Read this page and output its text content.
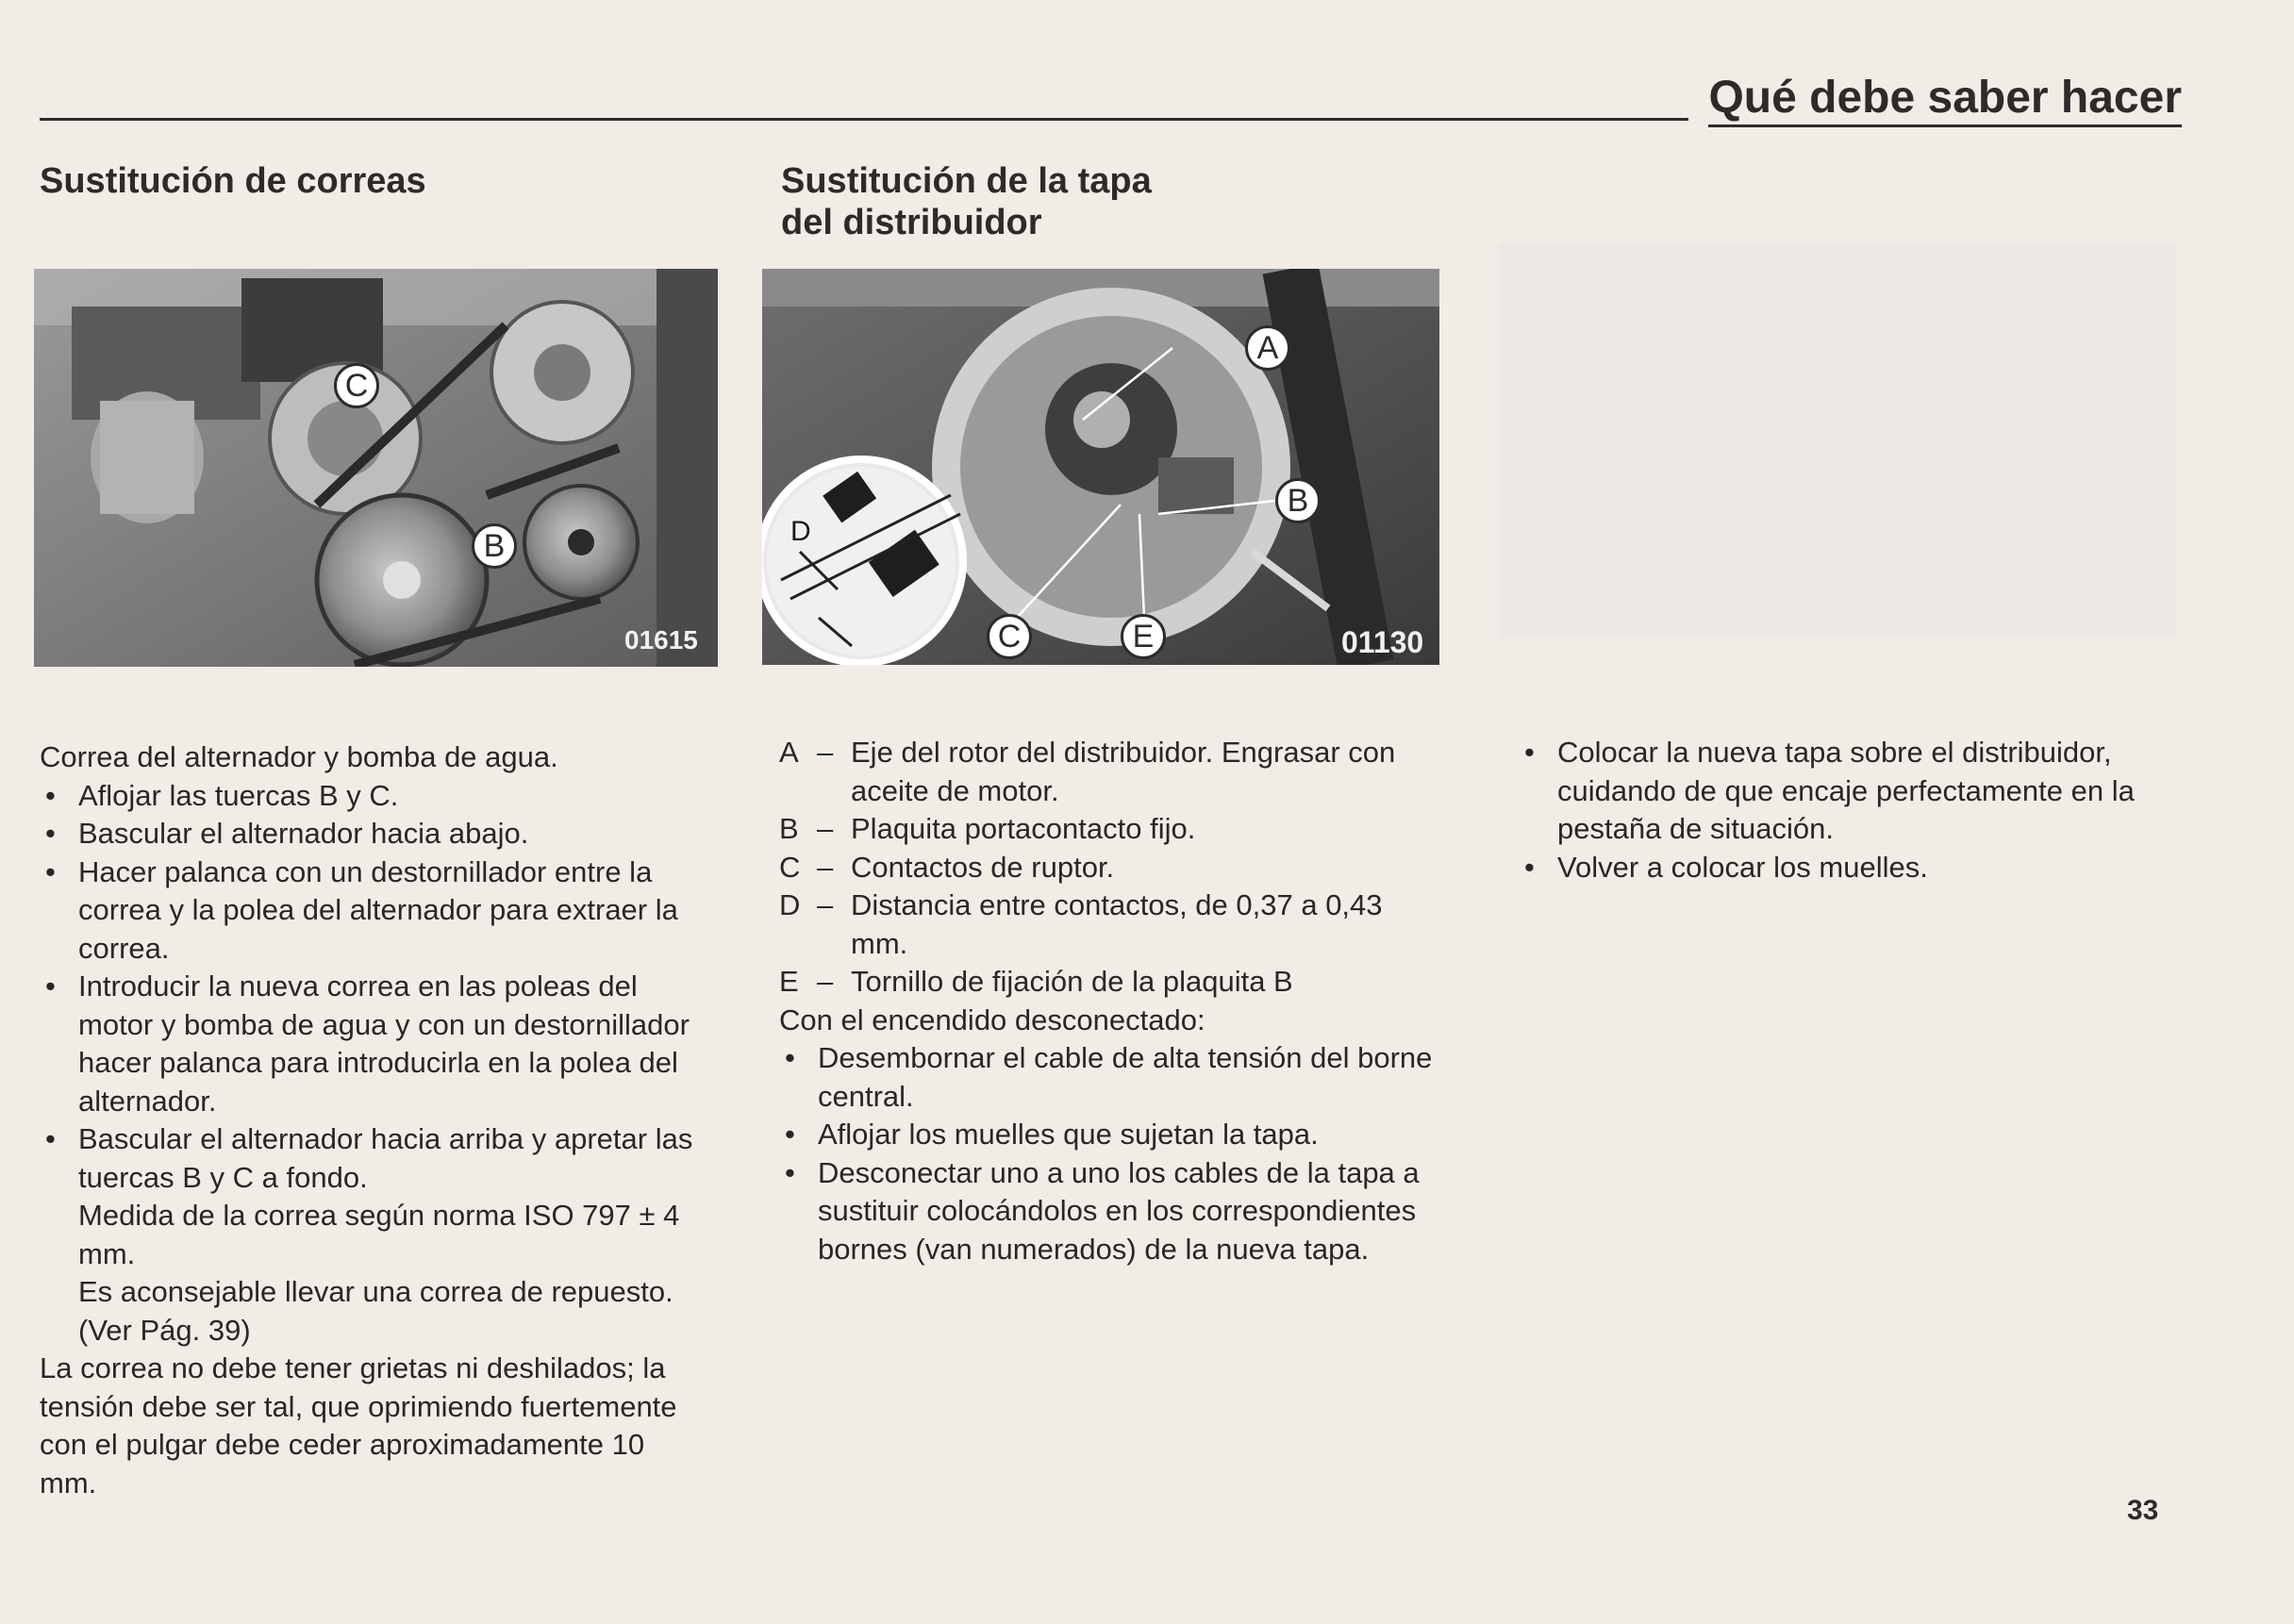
Qué debe saber hacer
Sustitución de correas
C
B
01615

Correa del alternador y bomba de agua.

• Aflojar las tuercas B y C.

• Bascular el alternador hacia abajo.

• Hacer palanca con un destornillador entre la correa y la polea del alternador para extraer la correa.

• Introducir la nueva correa en las poleas del motor y bomba de agua y con un destornillador hacer palanca para introducirla en la polea del alternador.

• Bascular el alternador hacia arriba y apretar las tuercas B y C a fondo.

Medida de la correa según norma ISO 797 ± 4 mm.

Es aconsejable llevar una correa de repuesto. (Ver Pág. 39)

La correa no debe tener grietas ni deshilados; la tensión debe ser tal, que oprimiendo fuertemente con el pulgar debe ceder aproximadamente 10 mm.

Sustitución de la tapa
del distribuidor
A
B
C	E
D
01130
A – Eje del rotor del distribuidor. Engrasar con aceite de motor.
B – Plaquita portacontacto fijo.
C – Contactos de ruptor.
D – Distancia entre contactos, de 0,37 a 0,43 mm.
E – Tornillo de fijación de la plaquita B

Con el encendido desconectado:

• Desembornar el cable de alta tensión del borne central.

• Aflojar los muelles que sujetan la tapa.

• Desconectar uno a uno los cables de la tapa a sustituir colocándolos en los correspondientes bornes (van numerados) de la nueva tapa.

• Colocar la nueva tapa sobre el distribuidor, cuidando de que encaje perfectamente en la pestaña de situación.

• Volver a colocar los muelles.

33
